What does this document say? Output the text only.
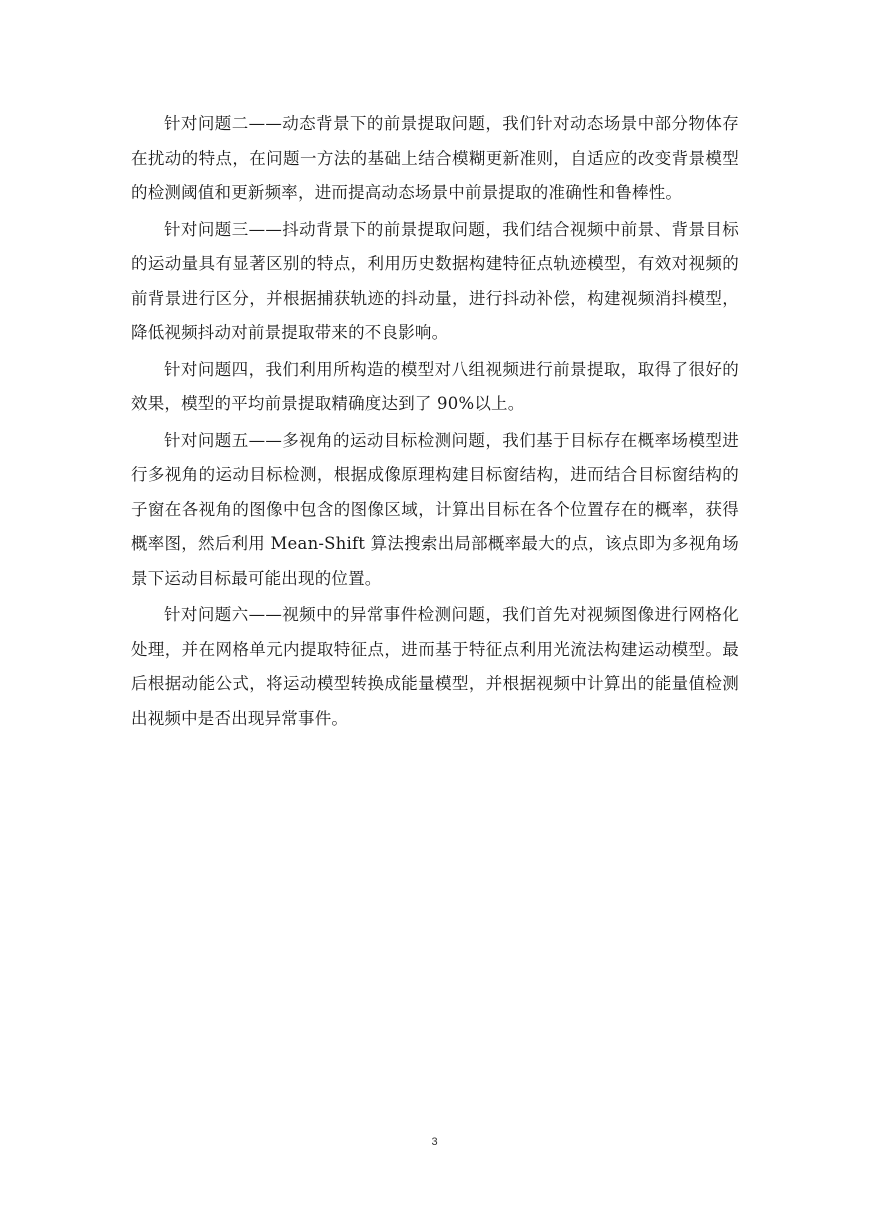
针对问题二——动态背景下的前景提取问题，我们针对动态场景中部分物体存在扰动的特点，在问题一方法的基础上结合模糊更新准则，自适应的改变背景模型的检测阈值和更新频率，进而提高动态场景中前景提取的准确性和鲁棒性。

针对问题三——抖动背景下的前景提取问题，我们结合视频中前景、背景目标的运动量具有显著区别的特点，利用历史数据构建特征点轨迹模型，有效对视频的前背景进行区分，并根据捕获轨迹的抖动量，进行抖动补偿，构建视频消抖模型，降低视频抖动对前景提取带来的不良影响。

针对问题四，我们利用所构造的模型对八组视频进行前景提取，取得了很好的效果，模型的平均前景提取精确度达到了 90%以上。

针对问题五——多视角的运动目标检测问题，我们基于目标存在概率场模型进行多视角的运动目标检测，根据成像原理构建目标窗结构，进而结合目标窗结构的子窗在各视角的图像中包含的图像区域，计算出目标在各个位置存在的概率，获得概率图，然后利用 Mean-Shift 算法搜索出局部概率最大的点，该点即为多视角场景下运动目标最可能出现的位置。

针对问题六——视频中的异常事件检测问题，我们首先对视频图像进行网格化处理，并在网格单元内提取特征点，进而基于特征点利用光流法构建运动模型。最后根据动能公式，将运动模型转换成能量模型，并根据视频中计算出的能量值检测出视频中是否出现异常事件。

3
